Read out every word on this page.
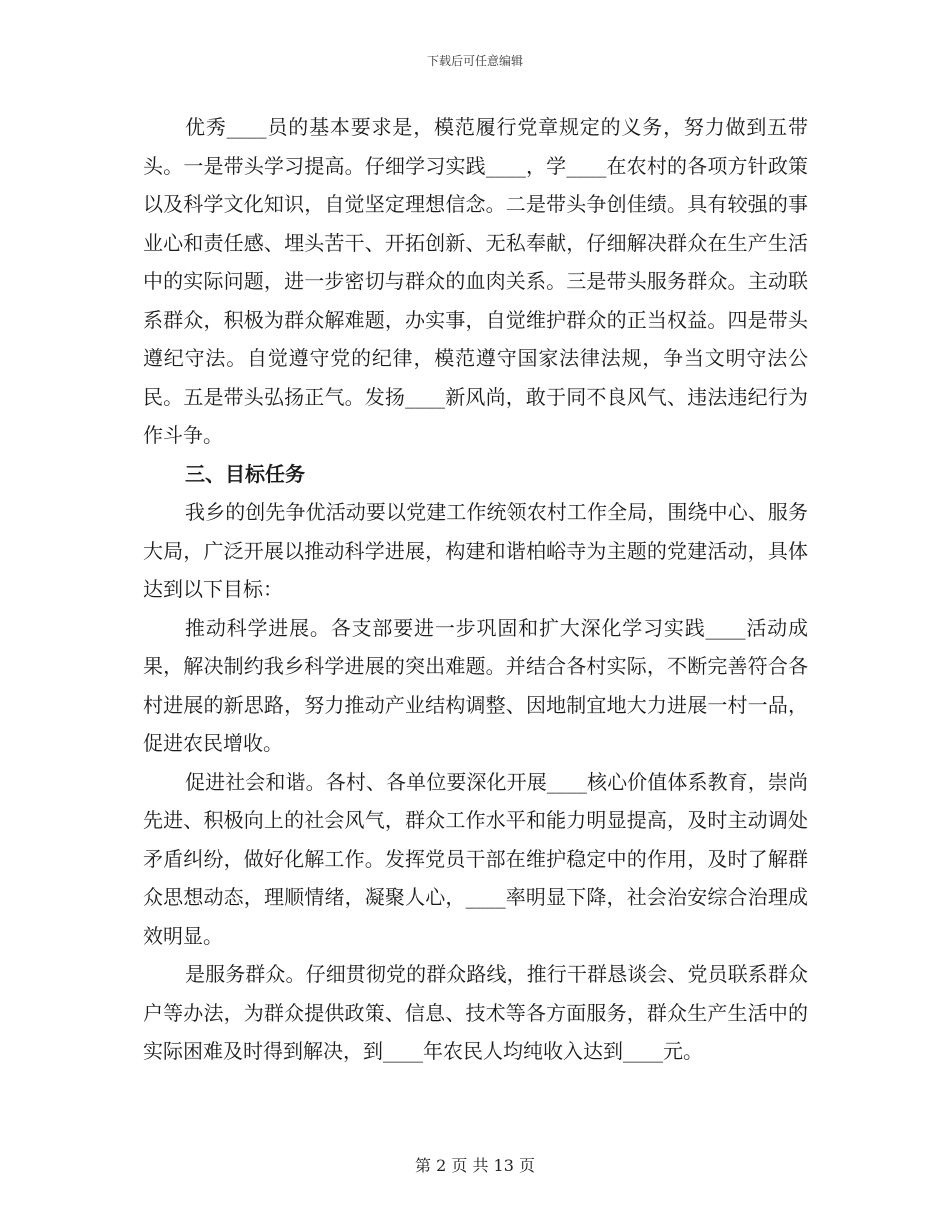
下载后可任意编辑

优秀____员的基本要求是，模范履行党章规定的义务，努力做到五带头。一是带头学习提高。仔细学习实践____，学____在农村的各项方针政策以及科学文化知识，自觉坚定理想信念。二是带头争创佳绩。具有较强的事业心和责任感、埋头苦干、开拓创新、无私奉献，仔细解决群众在生产生活中的实际问题，进一步密切与群众的血肉关系。三是带头服务群众。主动联系群众，积极为群众解难题，办实事，自觉维护群众的正当权益。四是带头遵纪守法。自觉遵守党的纪律，模范遵守国家法律法规，争当文明守法公民。五是带头弘扬正气。发扬____新风尚，敢于同不良风气、违法违纪行为作斗争。

三、目标任务

我乡的创先争优活动要以党建工作统领农村工作全局，围绕中心、服务大局，广泛开展以推动科学进展，构建和谐柏峪寺为主题的党建活动，具体达到以下目标：

推动科学进展。各支部要进一步巩固和扩大深化学习实践____活动成果，解决制约我乡科学进展的突出难题。并结合各村实际，不断完善符合各村进展的新思路，努力推动产业结构调整、因地制宜地大力进展一村一品，促进农民增收。

促进社会和谐。各村、各单位要深化开展____核心价值体系教育，崇尚先进、积极向上的社会风气，群众工作水平和能力明显提高，及时主动调处矛盾纠纷，做好化解工作。发挥党员干部在维护稳定中的作用，及时了解群众思想动态，理顺情绪，凝聚人心，____率明显下降，社会治安综合治理成效明显。

是服务群众。仔细贯彻党的群众路线，推行干群恳谈会、党员联系群众户等办法，为群众提供政策、信息、技术等各方面服务，群众生产生活中的实际困难及时得到解决，到____年农民人均纯收入达到____元。

第 2 页 共 13 页
